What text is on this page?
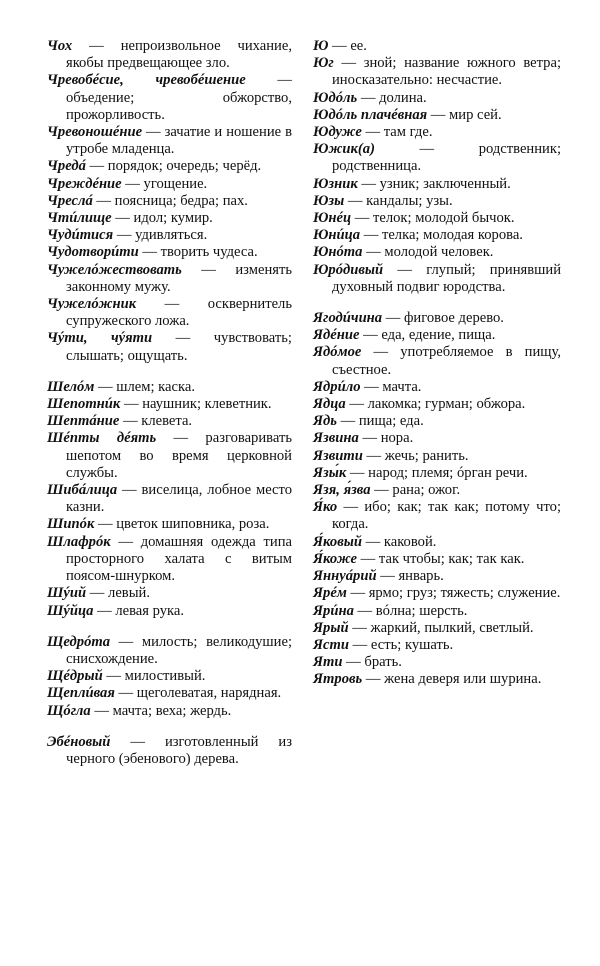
Чох — непроизвольное чихание, якобы предвещающее зло.

Чревобéсие, чревобéшение — объедение; обжорство, прожорливость.

Чревоношéние — зачатие и ношение в утробе младенца.

Чредá — порядок; очередь; черёд.

Чреждéние — угощение.

Чреслá — поясница; бедра; пах.

Чтúлище — идол; кумир.

Чудúтися — удивляться.

Чудотворúти — творить чудеса.

Чужелóжествовать — изменять законному мужу.

Чужелóжник — осквернитель супружеского ложа.

Чýти, чýяти — чувствовать; слышать; ощущать.

Шелóм — шлем; каска.

Шепотнúк — наушник; клеветник.

Шептáние — клевета.

Шéпты дéять — разговаривать шепотом во время церковной службы.

Шибáлица — виселица, лобное место казни.

Шипóк — цветок шиповника, роза.

Шлафрóк — домашняя одежда типа просторного халата с витым поясом-шнурком.

Шýий — левый.

Шýйца — левая рука.

Щедрóта — милость; великодушие; снисхождение.

Щéдрый — милостивый.

Щеплúвая — щеголеватая, нарядная.

Щóгла — мачта; веха; жердь.

Эбéновый — изготовленный из черного (эбенового) дерева.

Ю — ее.

Юг — зной; название южного ветра; иносказательно: несчастие.

Юдóль — долина.

Юдóль плачéвная — мир сей.

Юдуже — там где.

Южик(а) — родственник; родственница.

Юзник — узник; заключенный.

Юзы — кандалы; узы.

Юнéц — телок; молодой бычок.

Юнúца — телка; молодая корова.

Юнóта — молодой человек.

Юрóдивый — глупый; принявший духовный подвиг юродства.

Ягодúчина — фиговое дерево.

Ядéние — еда, едение, пища.

Ядóмое — употребляемое в пищу, съестное.

Ядрúло — мачта.

Ядца — лакомка; гурман; обжора.

Ядь — пища; еда.

Язвина — нора.

Язвити — жечь; ранить.

Язы́к — народ; племя; óрган речи.

Язя, я́зва — рана; ожог.

Я́ко — ибо; как; так как; потому что; когда.

Я́ковый — каковой.

Я́коже — так чтобы; как; так как.

Яннуáрий — январь.

Ярéм — ярмо; груз; тяжесть; служение.

Ярúна — вóлна; шерсть.

Ярый — жаркий, пылкий, светлый.

Ясти — есть; кушать.

Яти — брать.

Ятровь — жена деверя или шурина.
